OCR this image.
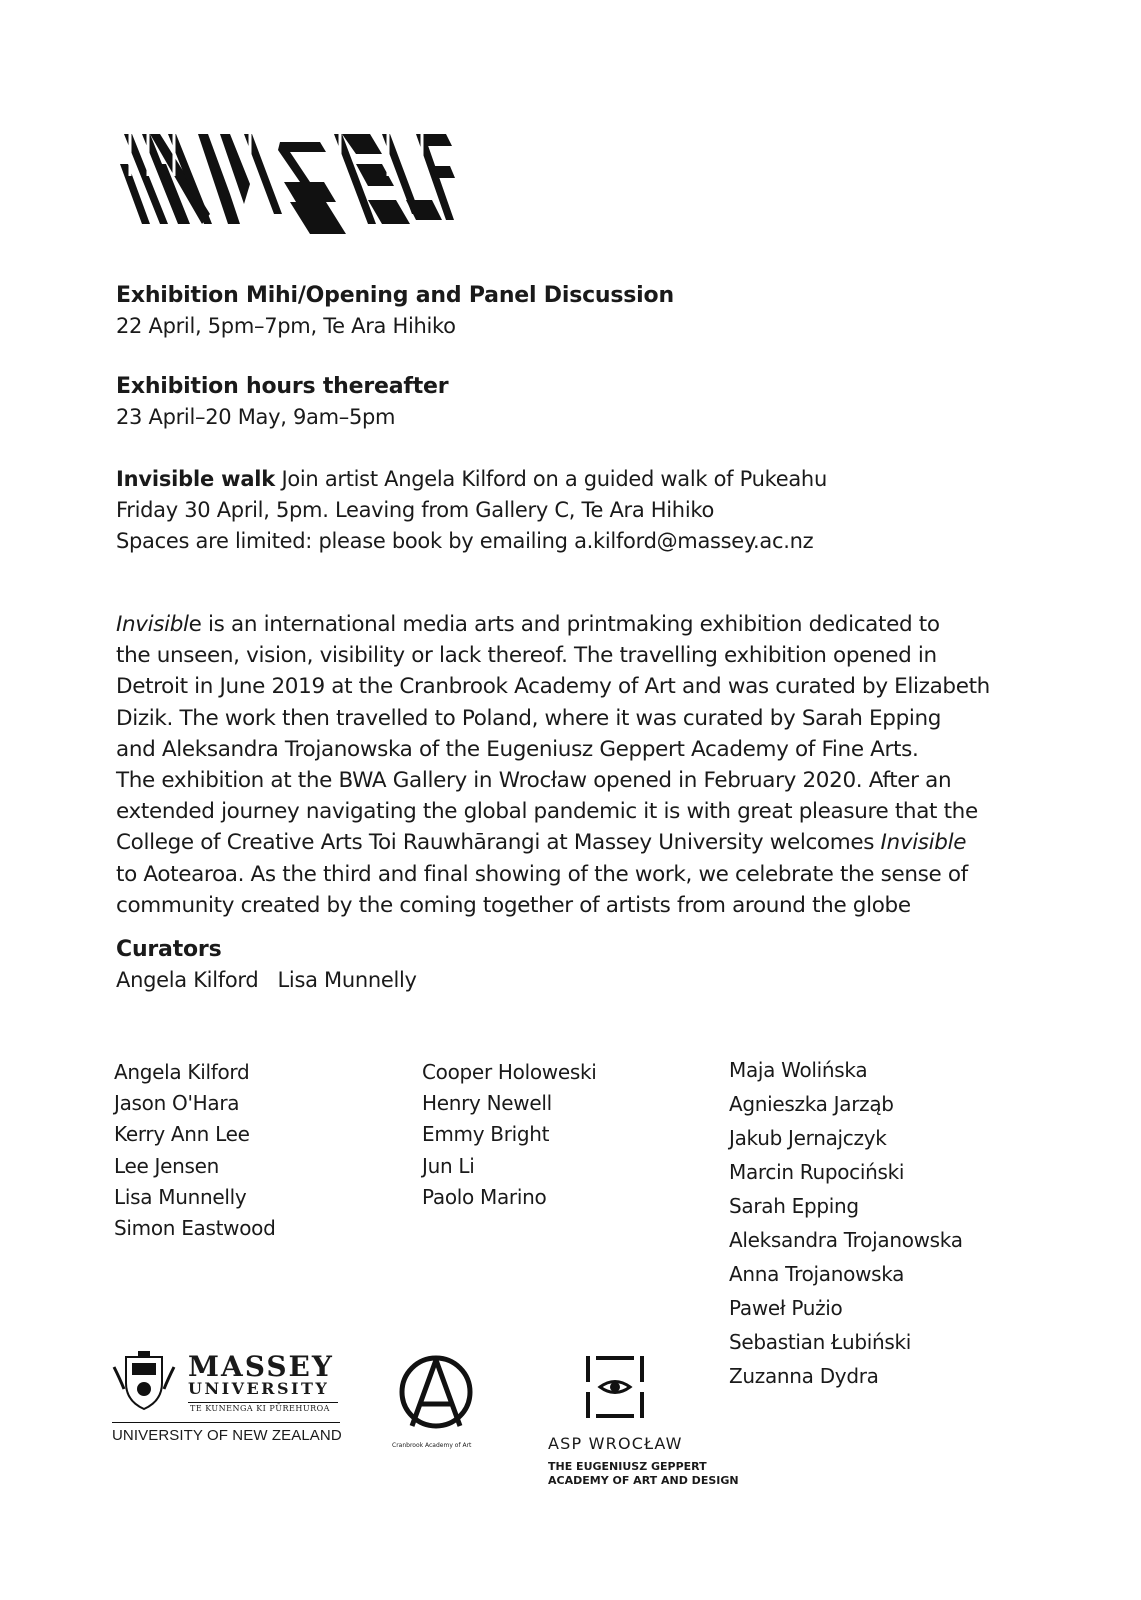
Exhibition Mihi/Opening and Panel Discussion
22 April, 5pm–7pm, Te Ara Hihiko
Exhibition hours thereafter
23 April–20 May, 9am–5pm
Invisible walk Join artist Angela Kilford on a guided walk of Pukeahu
Friday 30 April, 5pm. Leaving from Gallery C, Te Ara Hihiko
Spaces are limited: please book by emailing a.kilford@massey.ac.nz
Invisible is an international media arts and printmaking exhibition dedicated to
the unseen, vision, visibility or lack thereof. The travelling exhibition opened in
Detroit in June 2019 at the Cranbrook Academy of Art and was curated by Elizabeth
Dizik. The work then travelled to Poland, where it was curated by Sarah Epping
and Aleksandra Trojanowska of the Eugeniusz Geppert Academy of Fine Arts.
The exhibition at the BWA Gallery in Wrocław opened in February 2020. After an
extended journey navigating the global pandemic it is with great pleasure that the
College of Creative Arts Toi Rauwhārangi at Massey University welcomes Invisible
to Aotearoa. As the third and final showing of the work, we celebrate the sense of
community created by the coming together of artists from around the globe
Curators
Angela Kilford   Lisa Munnelly
Angela Kilford
Jason O'Hara
Kerry Ann Lee
Lee Jensen
Lisa Munnelly
Simon Eastwood
Cooper Holoweski
Henry Newell
Emmy Bright
Jun Li
Paolo Marino
Maja Wolińska
Agnieszka Jarząb
Jakub Jernajczyk
Marcin Rupociński
Sarah Epping
Aleksandra Trojanowska
Anna Trojanowska
Paweł Pużio
Sebastian Łubiński
Zuzanna Dydra
MASSEY
UNIVERSITY
TE KUNENGA KI PŪREHUROA
UNIVERSITY OF NEW ZEALAND
Cranbrook Academy of Art	ASP WROCŁAW
THE EUGENIUSZ GEPPERT
ACADEMY OF ART AND DESIGN
